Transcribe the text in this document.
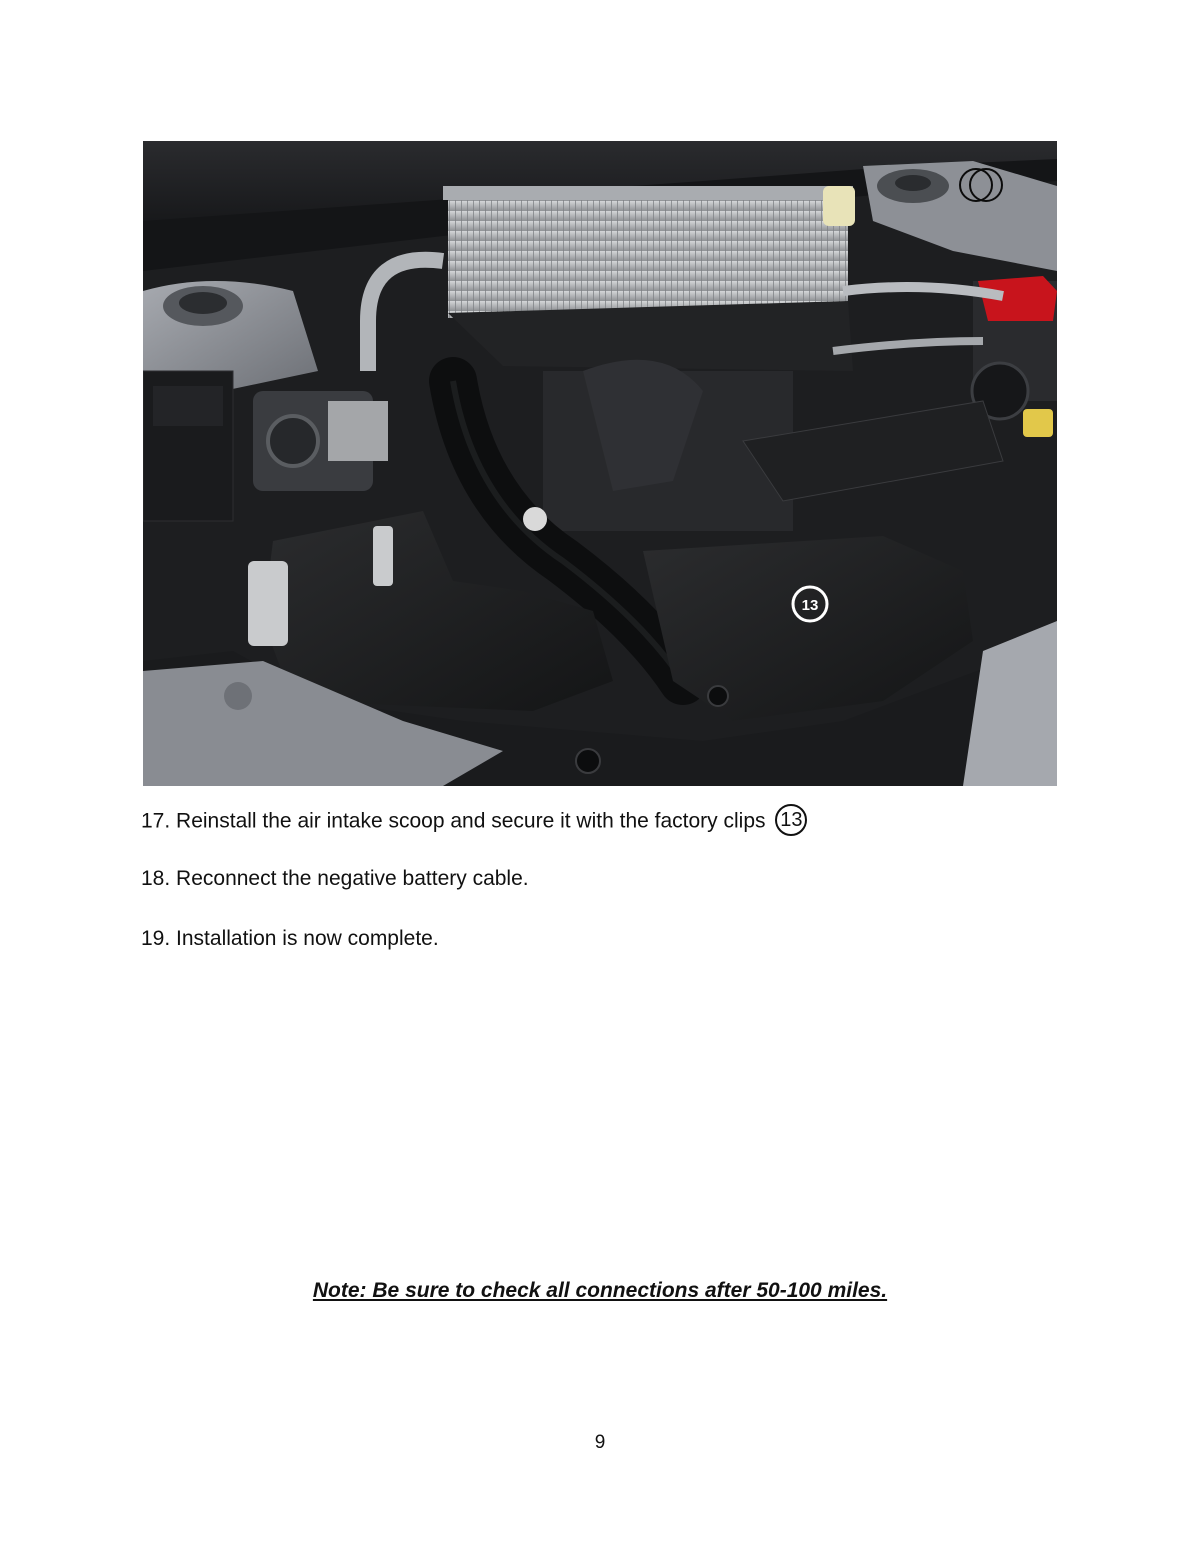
13
17. Reinstall the air intake scoop and secure it with the factory clips 13
18. Reconnect the negative battery cable.
19. Installation is now complete.
Note: Be sure to check all connections after 50-100 miles.
9
